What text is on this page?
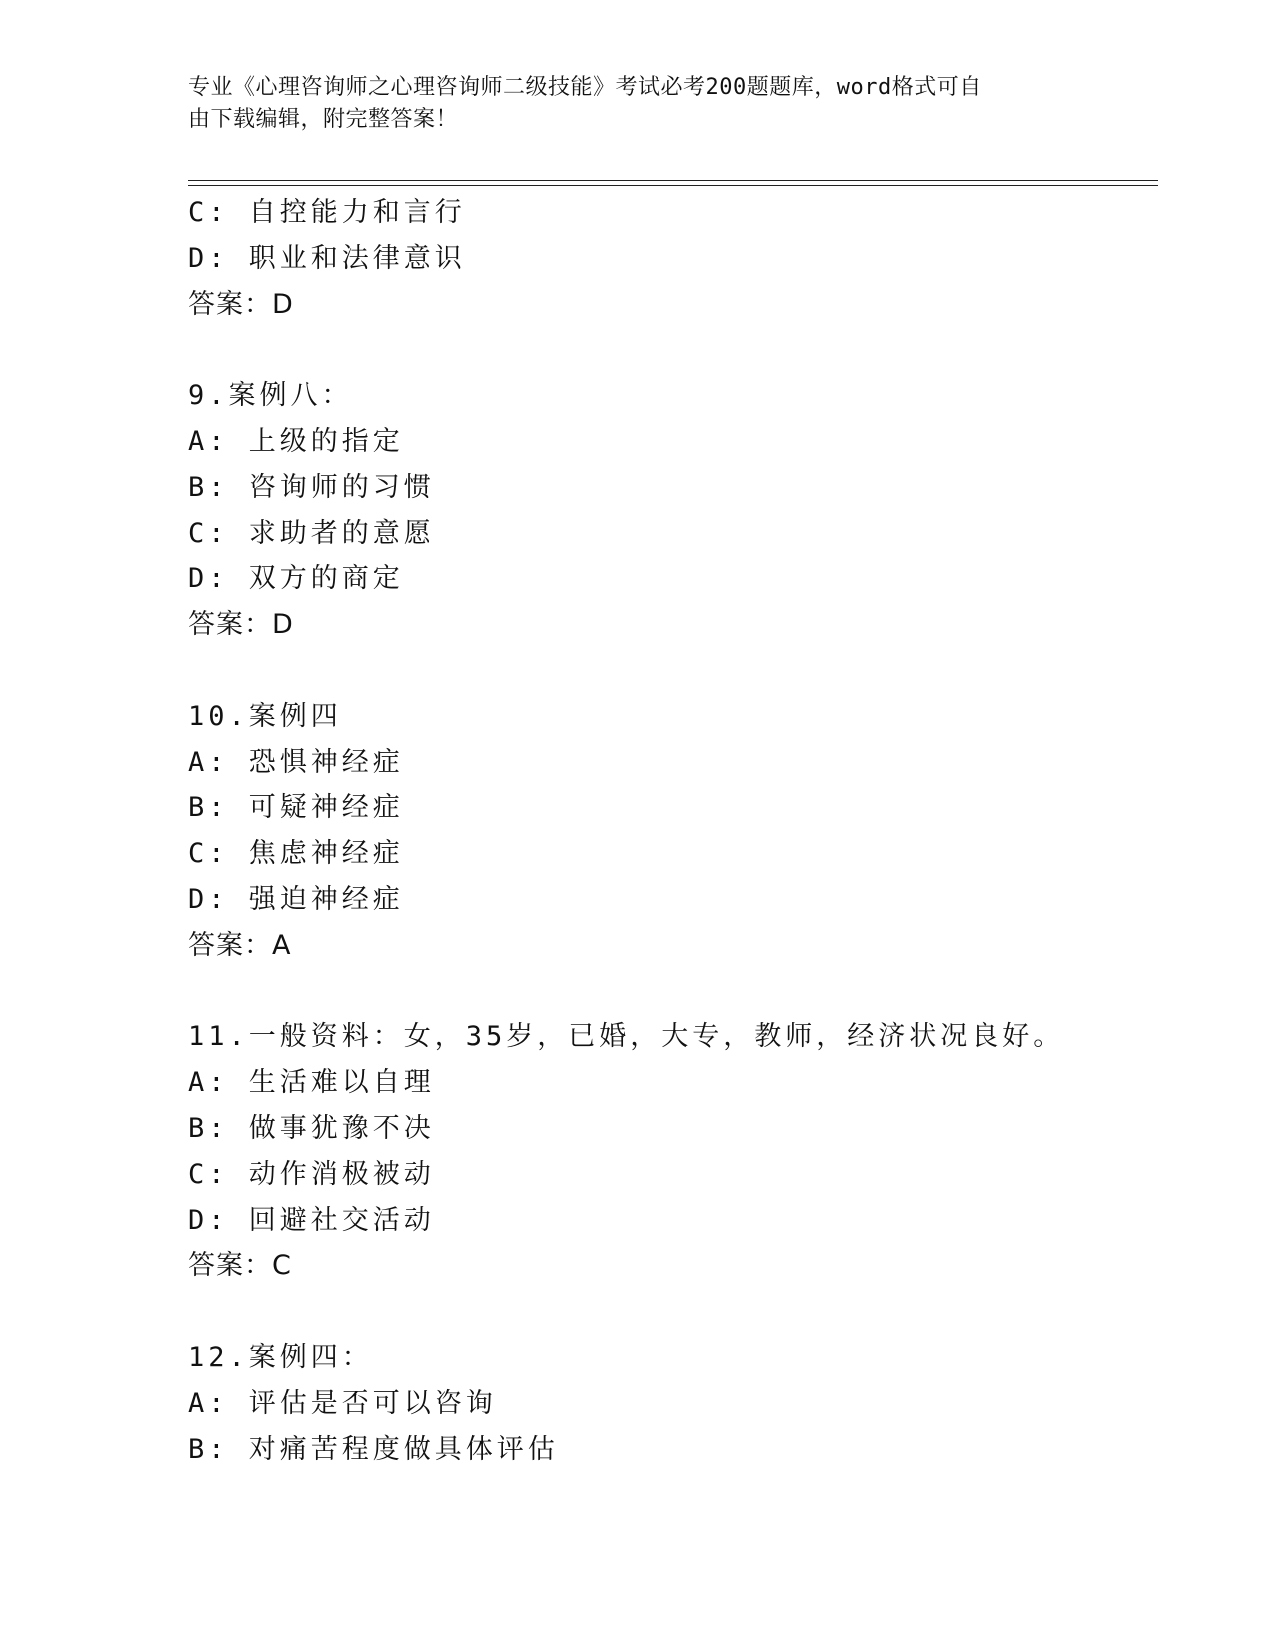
专业《心理咨询师之心理咨询师二级技能》考试必考200题题库，word格式可自
由下载编辑，附完整答案！
C: 自控能力和言行
D: 职业和法律意识
答案：D
9.案例八：
A: 上级的指定
B: 咨询师的习惯
C: 求助者的意愿
D: 双方的商定
答案：D
10.案例四
A: 恐惧神经症
B: 可疑神经症
C: 焦虑神经症
D: 强迫神经症
答案：A
11.一般资料：女，35岁，已婚，大专，教师，经济状况良好。
A: 生活难以自理
B: 做事犹豫不决
C: 动作消极被动
D: 回避社交活动
答案：C
12.案例四：
A: 评估是否可以咨询
B: 对痛苦程度做具体评估
